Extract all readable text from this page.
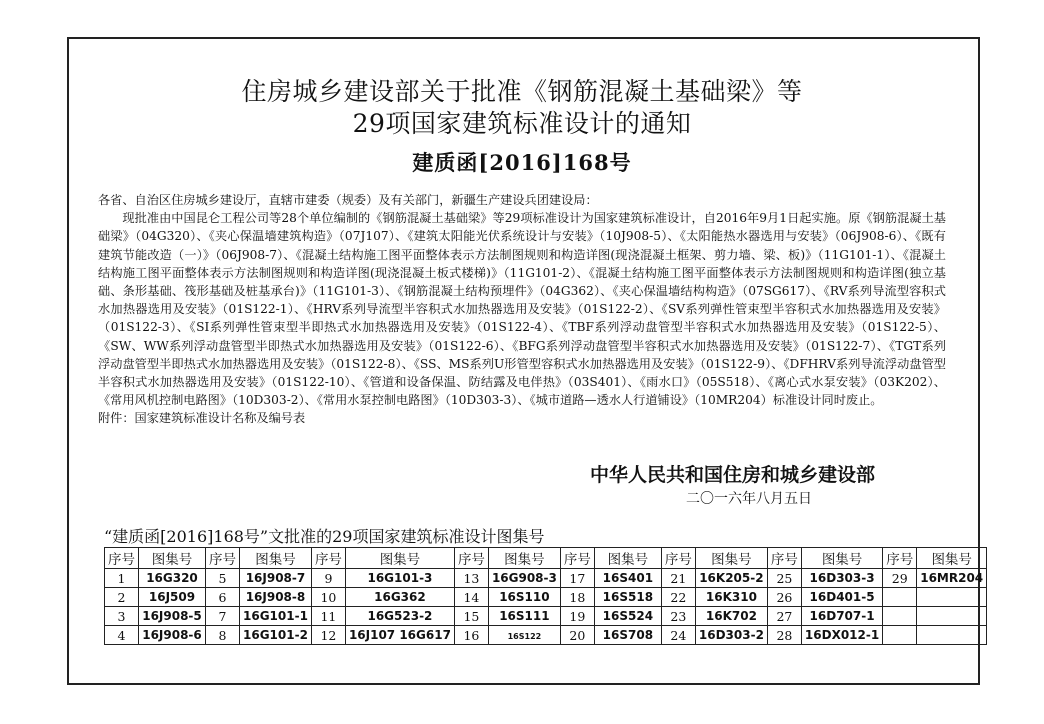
住房城乡建设部关于批准《钢筋混凝土基础梁》等
29项国家建筑标准设计的通知
建质函[2016]168号

各省、自治区住房城乡建设厅，直辖市建委（规委）及有关部门，新疆生产建设兵团建设局：

现批准由中国昆仑工程公司等28个单位编制的《钢筋混凝土基础梁》等29项标准设计为国家建筑标准设计，自2016年9月1日起实施。原《钢筋混凝土基础梁》（04G320）、《夹心保温墙建筑构造》（07J107）、《建筑太阳能光伏系统设计与安装》（10J908-5）、《太阳能热水器选用与安装》（06J908-6）、《既有建筑节能改造（一）》（06J908-7）、《混凝土结构施工图平面整体表示方法制图规则和构造详图(现浇混凝土框架、剪力墙、梁、板)》（11G101-1）、《混凝土结构施工图平面整体表示方法制图规则和构造详图(现浇混凝土板式楼梯)》（11G101-2）、《混凝土结构施工图平面整体表示方法制图规则和构造详图(独立基础、条形基础、筏形基础及桩基承台)》（11G101-3）、《钢筋混凝土结构预埋件》（04G362）、《夹心保温墙结构构造》（07SG617）、《RV系列导流型容积式水加热器选用及安装》（01S122-1）、《HRV系列导流型半容积式水加热器选用及安装》（01S122-2）、《SV系列弹性管束型半容积式水加热器选用及安装》（01S122-3）、《SI系列弹性管束型半即热式水加热器选用及安装》（01S122-4）、《TBF系列浮动盘管型半容积式水加热器选用及安装》（01S122-5）、《SW、WW系列浮动盘管型半即热式水加热器选用及安装》（01S122-6）、《BFG系列浮动盘管型半容积式水加热器选用及安装》（01S122-7）、《TGT系列浮动盘管型半即热式水加热器选用及安装》（01S122-8）、《SS、MS系列U形管型容积式水加热器选用及安装》（01S122-9）、《DFHRV系列导流浮动盘管型半容积式水加热器选用及安装》（01S122-10）、《管道和设备保温、防结露及电伴热》（03S401）、《雨水口》（05S518）、《离心式水泵安装》（03K202）、《常用风机控制电路图》（10D303-2）、《常用水泵控制电路图》（10D303-3）、《城市道路—透水人行道铺设》（10MR204）标准设计同时废止。

附件：国家建筑标准设计名称及编号表

中华人民共和国住房和城乡建设部
二〇一六年八月五日
“建质函[2016]168号”文批准的29项国家建筑标准设计图集号
序号	图集号	序号	图集号	序号	图集号	序号	图集号	序号	图集号	序号	图集号	序号	图集号	序号	图集号
1	16G320	5	16J908-7	9	16G101-3	13	16G908-3	17	16S401	21	16K205-2	25	16D303-3	29	16MR204
2	16J509	6	16J908-8	10	16G362	14	16S110	18	16S518	22	16K310	26	16D401-5		
3	16J908-5	7	16G101-1	11	16G523-2	15	16S111	19	16S524	23	16K702	27	16D707-1		
4	16J908-6	8	16G101-2	12	16J107 16G617	16	16S122	20	16S708	24	16D303-2	28	16DX012-1		
